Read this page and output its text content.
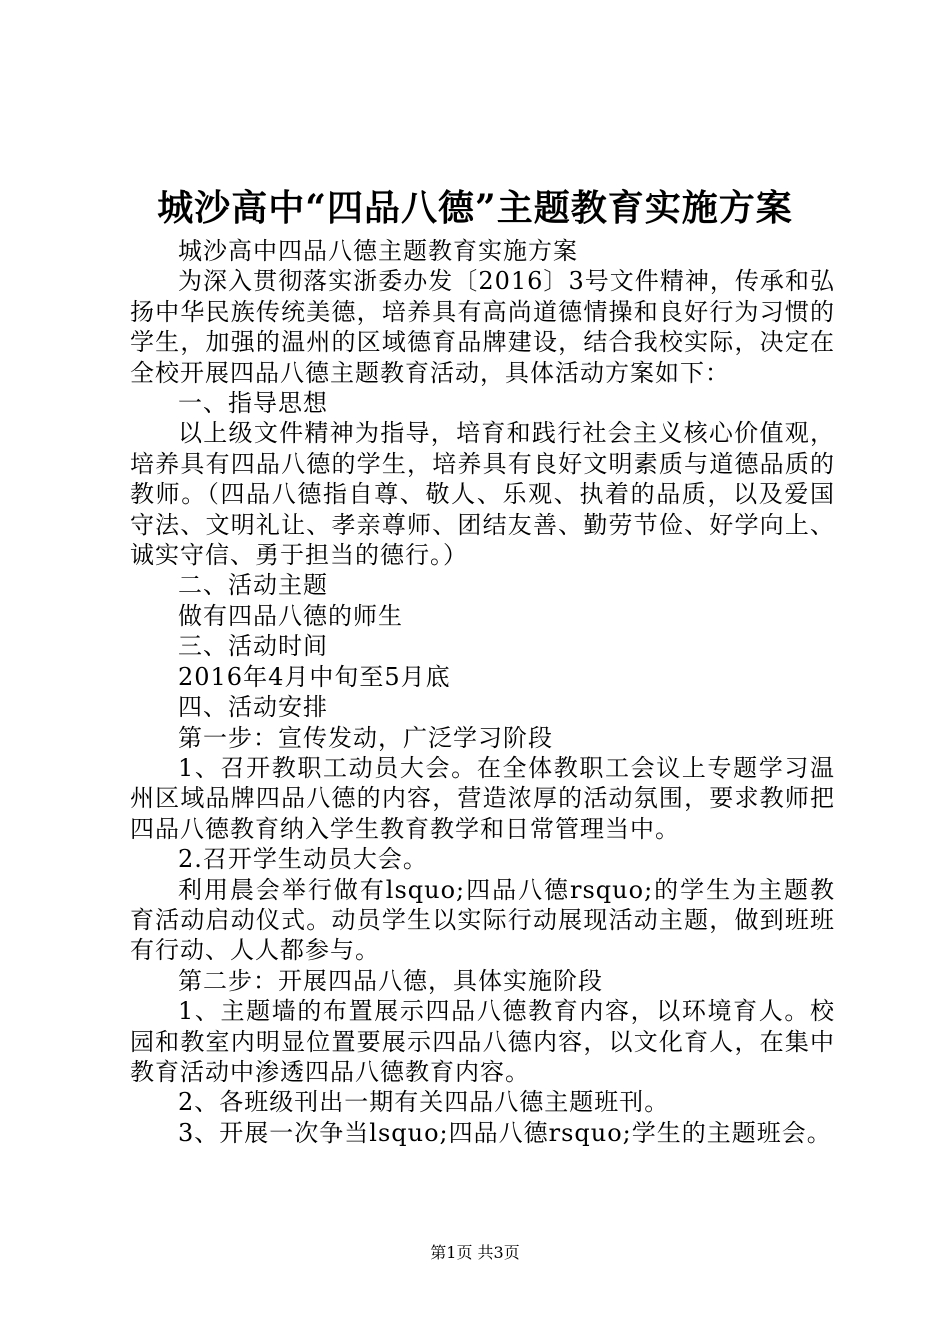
城沙高中“四品八德”主题教育实施方案

城沙高中四品八德主题教育实施方案

为深入贯彻落实浙委办发〔2016〕3号文件精神，传承和弘扬中华民族传统美德，培养具有高尚道德情操和良好行为习惯的学生，加强的温州的区域德育品牌建设，结合我校实际，决定在全校开展四品八德主题教育活动，具体活动方案如下：

一、指导思想

以上级文件精神为指导，培育和践行社会主义核心价值观，培养具有四品八德的学生，培养具有良好文明素质与道德品质的教师。（四品八德指自尊、敬人、乐观、执着的品质，以及爱国守法、文明礼让、孝亲尊师、团结友善、勤劳节俭、好学向上、诚实守信、勇于担当的德行。）

二、活动主题

做有四品八德的师生

三、活动时间

2016年4月中旬至5月底

四、活动安排

第一步：宣传发动，广泛学习阶段

1、召开教职工动员大会。在全体教职工会议上专题学习温州区域品牌四品八德的内容，营造浓厚的活动氛围，要求教师把四品八德教育纳入学生教育教学和日常管理当中。

2.召开学生动员大会。

利用晨会举行做有lsquo;四品八德rsquo;的学生为主题教育活动启动仪式。动员学生以实际行动展现活动主题，做到班班有行动、人人都参与。

第二步：开展四品八德，具体实施阶段

1、主题墙的布置展示四品八德教育内容，以环境育人。校园和教室内明显位置要展示四品八德内容，以文化育人，在集中教育活动中渗透四品八德教育内容。

2、各班级刊出一期有关四品八德主题班刊。

3、开展一次争当lsquo;四品八德rsquo;学生的主题班会。

第1页 共3页
